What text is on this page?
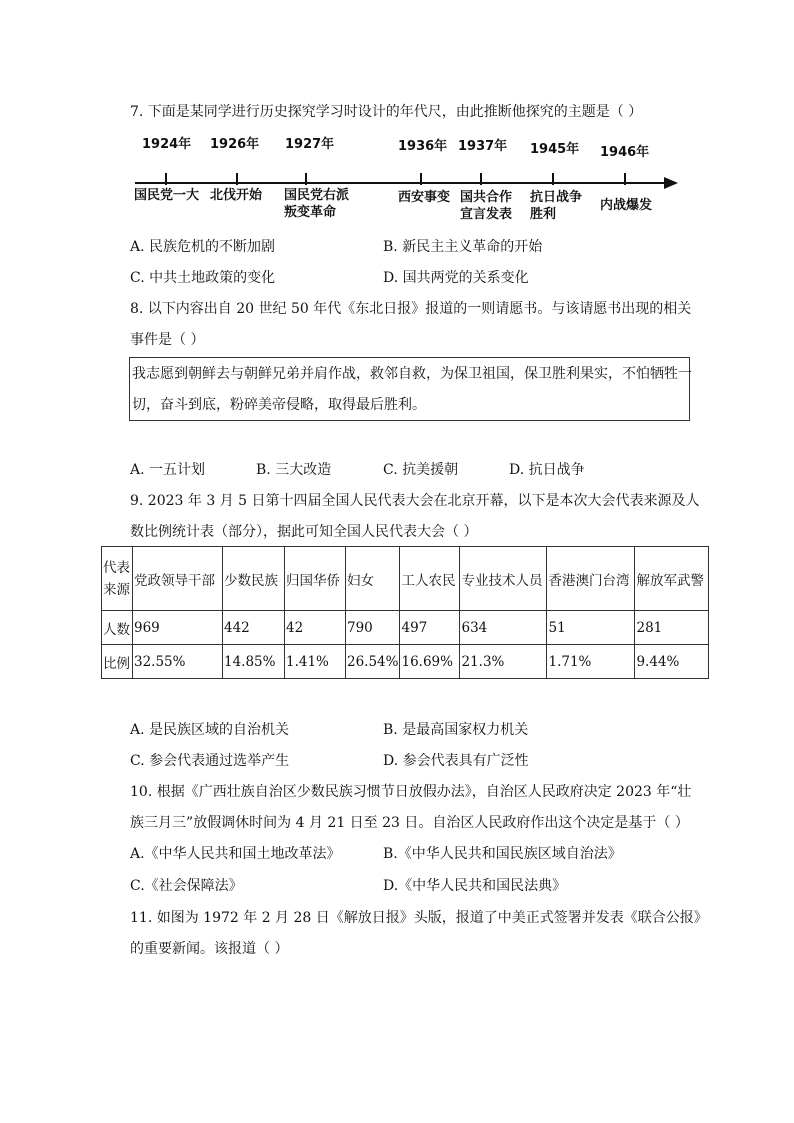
7. 下面是某同学进行历史探究学习时设计的年代尺，由此推断他探究的主题是（ ）
1924年 1926年 1927年	1936年 1937年 1945年 1946年
国民党一大 北伐开始 国民党右派
叛变革命
西安事变 国共合作
宣言发表
抗日战争
胜利
内战爆发
A. 民族危机的不断加剧	B. 新民主主义革命的开始
C. 中共土地政策的变化	D. 国共两党的关系变化
8. 以下内容出自 20 世纪 50 年代《东北日报》报道的一则请愿书。与该请愿书出现的相关
事件是（ ）
我志愿到朝鲜去与朝鲜兄弟并肩作战，救邻自救，为保卫祖国，保卫胜利果实，不怕牺牲一
切，奋斗到底，粉碎美帝侵略，取得最后胜利。
A. 一五计划	B. 三大改造	C. 抗美援朝	D. 抗日战争
9. 2023 年 3 月 5 日第十四届全国人民代表大会在北京开幕，以下是本次大会代表来源及人
数比例统计表（部分），据此可知全国人民代表大会（ ）
代表
来源	党政领导干部	少数民族	归国华侨	妇女	工人农民	专业技术人员	香港澳门台湾	解放军武警
人数	969	442	42	790	497	634	51	281
比例	32.55%	14.85%	1.41%	26.54%	16.69%	21.3%	1.71%	9.44%
A. 是民族区域的自治机关	B. 是最高国家权力机关
C. 参会代表通过选举产生	D. 参会代表具有广泛性
10. 根据《广西壮族自治区少数民族习惯节日放假办法》，自治区人民政府决定 2023 年“壮
族三月三”放假调休时间为 4 月 21 日至 23 日。自治区人民政府作出这个决定是基于（ ）
A.《中华人民共和国土地改革法》	B.《中华人民共和国民族区域自治法》
C.《社会保障法》	D.《中华人民共和国民法典》
11. 如图为 1972 年 2 月 28 日《解放日报》头版，报道了中美正式签署并发表《联合公报》
的重要新闻。该报道（ ）
